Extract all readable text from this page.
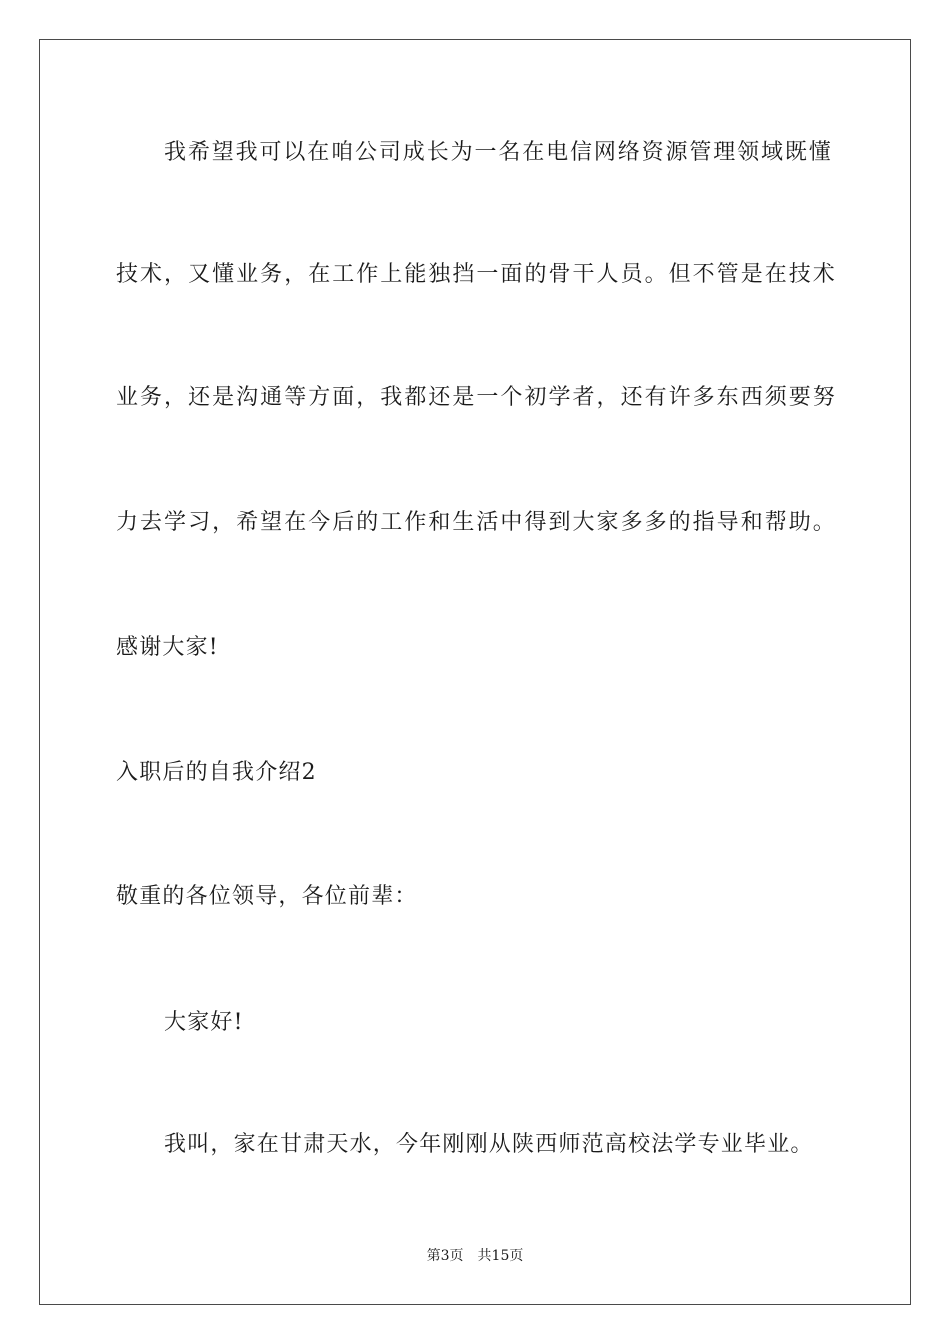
我希望我可以在咱公司成长为一名在电信网络资源管理领域既懂
技术，又懂业务，在工作上能独挡一面的骨干人员。但不管是在技术
业务，还是沟通等方面，我都还是一个初学者，还有许多东西须要努
力去学习，希望在今后的工作和生活中得到大家多多的指导和帮助。
感谢大家!
入职后的自我介绍2
敬重的各位领导，各位前辈：
大家好!
我叫，家在甘肃天水，今年刚刚从陕西师范高校法学专业毕业。
第3页 共15页
